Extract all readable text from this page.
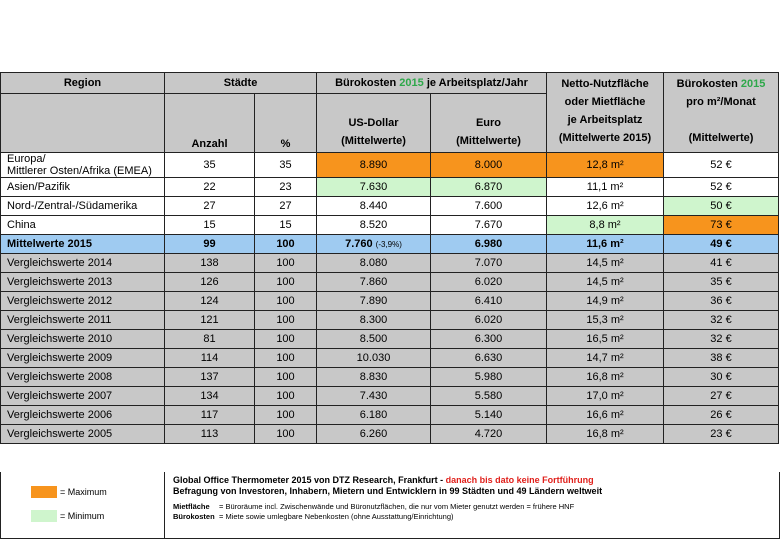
Region	Städte		Bürokosten 2015 je Arbeitsplatz/Jahr		Netto-Nutzfläche
oder Mietfläche
je Arbeitsplatz
(Mittelwerte 2015)	Bürokosten 2015
pro m²/Monat

(Mittelwerte)

	Anzahl	%	US-Dollar
(Mittelwerte)	Euro
(Mittelwerte)		

Europa/
Mittlerer Osten/Afrika (EMEA)	35	35	8.890	8.000	12,8 m²	52 €
Asien/Pazifik	22	23	7.630	6.870	11,1 m²	52 €
Nord-/Zentral-/Südamerika	27	27	8.440	7.600	12,6 m²	50 €
China	15	15	8.520	7.670	8,8 m²	73 €
Mittelwerte 2015	99	100	7.760 (-3,9%)	6.980	11,6 m²	49 €
Vergleichswerte 2014	138	100	8.080	7.070	14,5 m²	41 €
Vergleichswerte 2013	126	100	7.860	6.020	14,5 m²	35 €
Vergleichswerte 2012	124	100	7.890	6.410	14,9 m²	36 €
Vergleichswerte 2011	121	100	8.300	6.020	15,3 m²	32 €
Vergleichswerte 2010	81	100	8.500	6.300	16,5 m²	32 €
Vergleichswerte 2009	114	100	10.030	6.630	14,7 m²	38 €
Vergleichswerte 2008	137	100	8.830	5.980	16,8 m²	30 €
Vergleichswerte 2007	134	100	7.430	5.580	17,0 m²	27 €
Vergleichswerte 2006	117	100	6.180	5.140	16,6 m²	26 €
Vergleichswerte 2005	113	100	6.260	4.720	16,8 m²	23 €
= Maximum
= Minimum
Global Office Thermometer 2015 von DTZ Research, Frankfurt - danach bis dato keine Fortführung
Befragung von Investoren, Inhabern, Mietern und Entwicklern in 99 Städten und 49 Ländern weltweit
Mietfläche = Büroräume incl. Zwischenwände und Büronutzflächen, die nur vom Mieter genutzt werden = frühere HNF
Bürokosten = Miete sowie umlegbare Nebenkosten (ohne Ausstattung/Einrichtung)
